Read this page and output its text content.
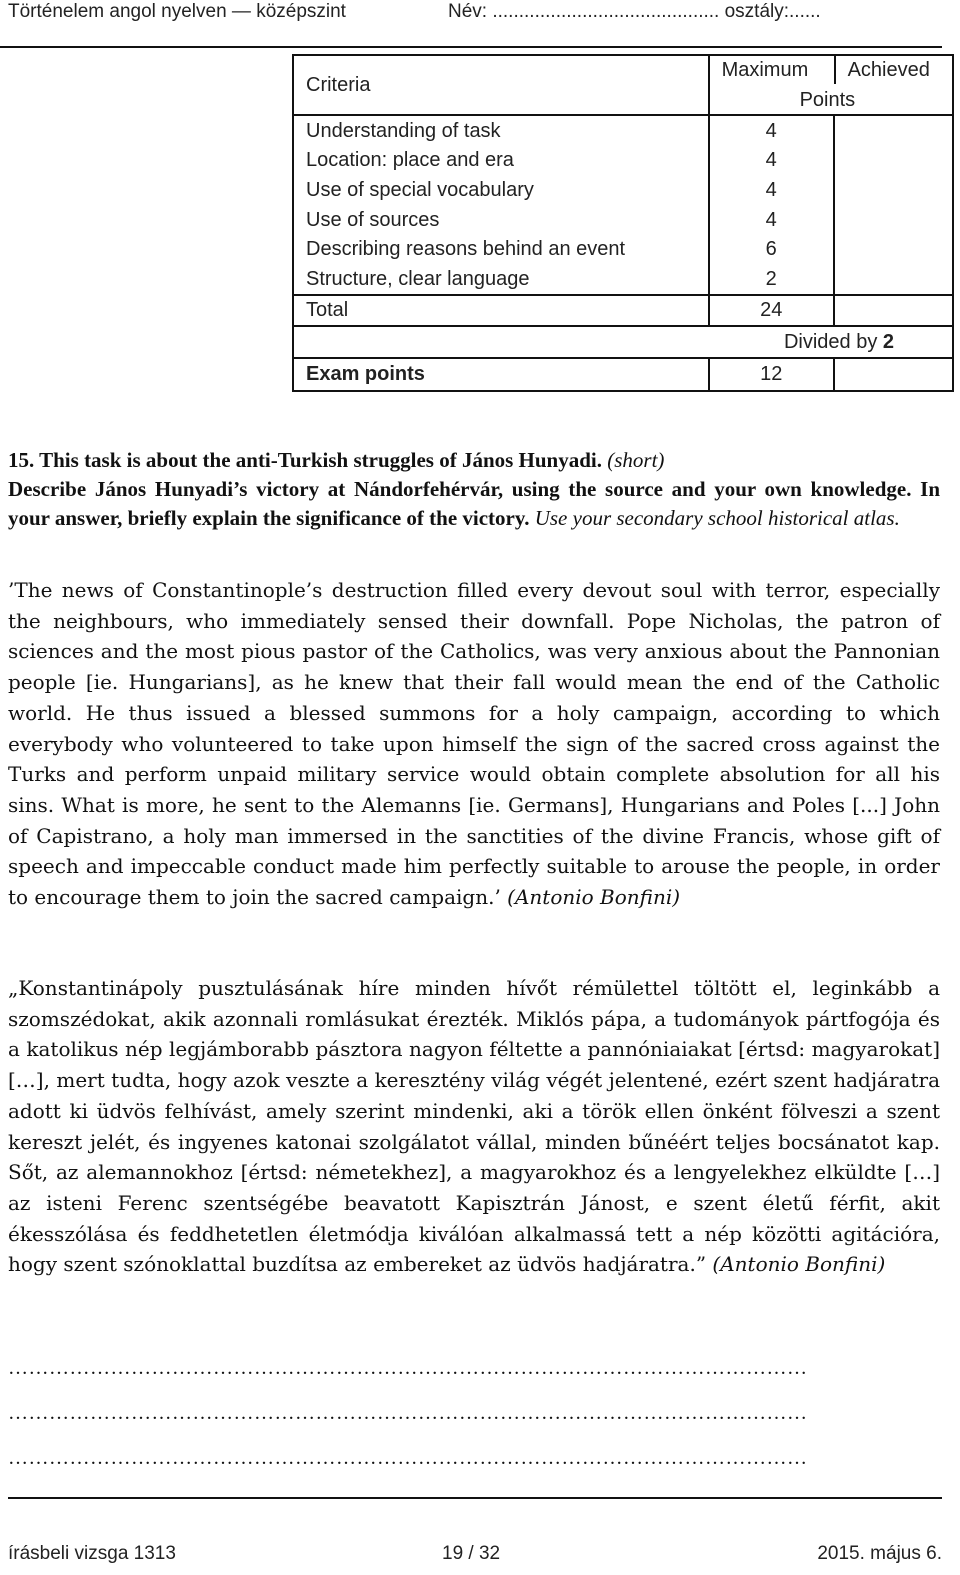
Történelem angol nyelven — középszint	Név: ........................................... osztály:......
Criteria	Maximum Achieved
Points	

Understanding of task	4	
Location: place and era	4	
Use of special vocabulary	4	
Use of sources	4	
Describing reasons behind an event	6	
Structure, clear language	2	
Total	24	
Divided by 2		
Exam points	12	
15. This task is about the anti-Turkish struggles of János Hunyadi. (short)
Describe János Hunyadi’s victory at Nándorfehérvár, using the source and your own knowledge. In your answer, briefly explain the significance of the victory. Use your secondary school historical atlas.
’The news of Constantinople’s destruction filled every devout soul with terror, especially the neighbours, who immediately sensed their downfall. Pope Nicholas, the patron of sciences and the most pious pastor of the Catholics, was very anxious about the Pannonian people [ie. Hungarians], as he knew that their fall would mean the end of the Catholic world. He thus issued a blessed summons for a holy campaign, according to which everybody who volunteered to take upon himself the sign of the sacred cross against the Turks and perform unpaid military service would obtain complete absolution for all his sins. What is more, he sent to the Alemanns [ie. Germans], Hungarians and Poles [...] John of Capistrano, a holy man immersed in the sanctities of the divine Francis, whose gift of speech and impeccable conduct made him perfectly suitable to arouse the people, in order to encourage them to join the sacred campaign.’ (Antonio Bonfini)
„Konstantinápoly pusztulásának híre minden hívőt rémülettel töltött el, leginkább a szomszédokat, akik azonnali romlásukat érezték. Miklós pápa, a tudományok pártfogója és a katolikus nép legjámborabb pásztora nagyon féltette a pannóniaiakat [értsd: magyarokat] […], mert tudta, hogy azok veszte a keresztény világ végét jelentené, ezért szent hadjáratra adott ki üdvös felhívást, amely szerint mindenki, aki a török ellen önként fölveszi a szent kereszt jelét, és ingyenes katonai szolgálatot vállal, minden bűnéért teljes bocsánatot kap. Sőt, az alemannokhoz [értsd: németekhez], a magyarokhoz és a lengyelekhez elküldte […] az isteni Ferenc szentségébe beavatott Kapisztrán Jánost, e szent életű férfit, akit ékesszólása és feddhetetlen életmódja kiválóan alkalmassá tett a nép közötti agitációra, hogy szent szónoklattal buzdítsa az embereket az üdvös hadjáratra.” (Antonio Bonfini)
………………………………………………………………………………………………………
………………………………………………………………………………………………………
………………………………………………………………………………………………………
írásbeli vizsga 1313	19 / 32	2015. május 6.
